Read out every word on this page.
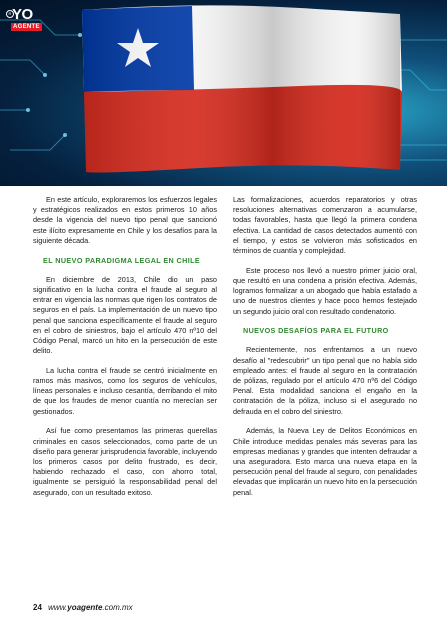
R YO
AGENTE

En este artículo, exploraremos los esfuerzos legales y estratégicos realizados en estos primeros 10 años desde la vigencia del nuevo tipo penal que sancionó este ilícito expresamente en Chile y los desafíos para la siguiente década.

EL NUEVO PARADIGMA LEGAL EN CHILE

En diciembre de 2013, Chile dio un paso significativo en la lucha contra el fraude al seguro al entrar en vigencia las normas que rigen los contratos de seguros en el país. La implementación de un nuevo tipo penal que sanciona específicamente el fraude al seguro en el cobro de siniestros, bajo el artículo 470 nº10 del Código Penal, marcó un hito en la persecución de este delito.

La lucha contra el fraude se centró inicialmente en ramos más masivos, como los seguros de vehículos, líneas personales e incluso cesantía, derribando el mito de que los fraudes de menor cuantía no merecían ser gestionados.

Así fue como presentamos las primeras querellas criminales en casos seleccionados, como parte de un diseño para generar jurisprudencia favorable, incluyendo los primeros casos por delito frustrado, es decir, habiendo rechazado el caso, con ahorro total, igualmente se persiguió la responsabilidad penal del asegurado, con un resultado exitoso.

Las formalizaciones, acuerdos reparatorios y otras resoluciones alternativas comenzaron a acumularse, todas favorables, hasta que llegó la primera condena efectiva. La cantidad de casos detectados aumentó con el tiempo, y estos se volvieron más sofisticados en términos de cuantía y complejidad.

Este proceso nos llevó a nuestro primer juicio oral, que resultó en una condena a prisión efectiva. Además, logramos formalizar a un abogado que había estafado a uno de nuestros clientes y hace poco hemos festejado un segundo juicio oral con resultado condenatorio.

NUEVOS DESAFÍOS PARA EL FUTURO

Recientemente, nos enfrentamos a un nuevo desafío al "redescubrir" un tipo penal que no había sido empleado antes: el fraude al seguro en la contratación de pólizas, regulado por el artículo 470 nº6 del Código Penal. Esta modalidad sanciona el engaño en la contratación de la póliza, incluso si el asegurado no defrauda en el cobro del siniestro.

Además, la Nueva Ley de Delitos Económicos en Chile introduce medidas penales más severas para las empresas medianas y grandes que intenten defraudar a una aseguradora. Esto marca una nueva etapa en la persecución penal del fraude al seguro, con penalidades elevadas que implicarán un nuevo hito en la persecución penal.

24 www.yoagente.com.mx
